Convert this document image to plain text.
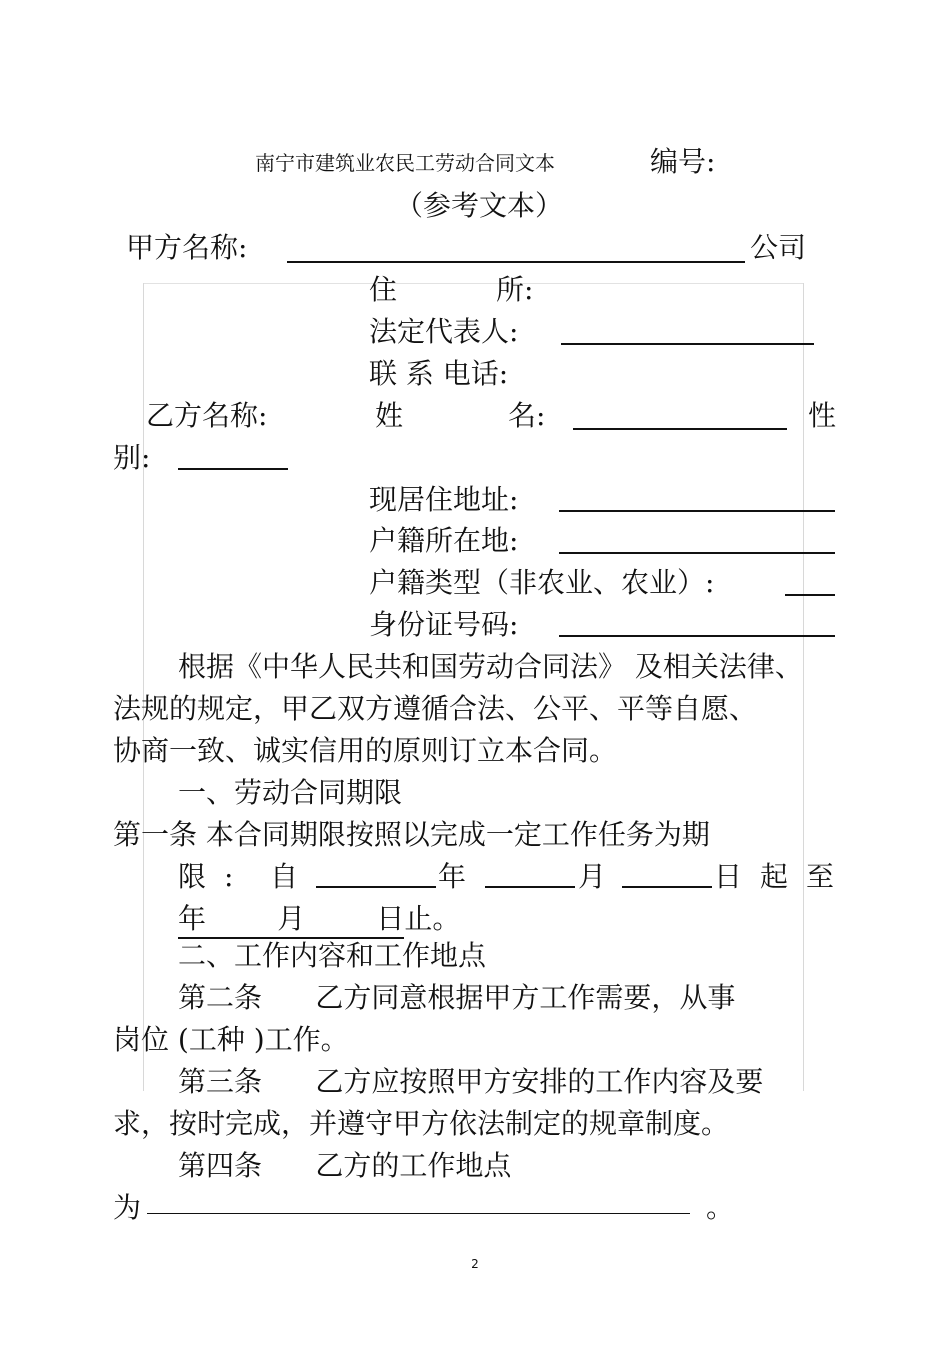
南宁市建筑业农民工劳动合同文本	编号:
（参考文本）
甲方名称:	公司
住	所:
法定代表人:
联 系 电话:
乙方名称:	姓	名:	性
别:
现居住地址:
户籍所在地:
户籍类型（非农业、农业）:
身份证号码:
根据《中华人民共和国劳动合同法》 及相关法律、
法规的规定，甲乙双方遵循合法、公平、平等自愿、
协商一致、诚实信用的原则订立本合同。
一、劳动合同期限
第一条 本合同期限按照以完成一定工作任务为期
限 : 自	年	月	日 起 至
年        月        日止。
二、工作内容和工作地点
第二条      乙方同意根据甲方工作需要，从事
岗位 (工种 )工作。
第三条      乙方应按照甲方安排的工作内容及要
求，按时完成，并遵守甲方依法制定的规章制度。
第四条      乙方的工作地点
为	。
2
